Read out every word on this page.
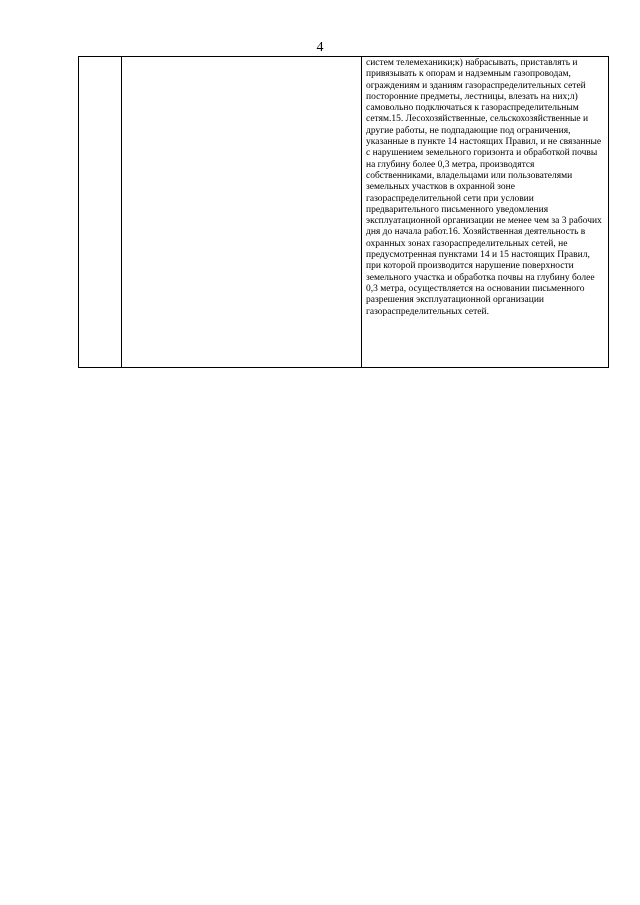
4
		систем телемеханики;к) набрасывать, приставлять и привязывать к опорам и надземным газопроводам, ограждениям и зданиям газораспределительных сетей посторонние предметы, лестницы, влезать на них;л) самовольно подключаться к газораспределительным сетям.15. Лесохозяйственные, сельскохозяйственные и другие работы, не подпадающие под ограничения, указанные в пункте 14 настоящих Правил, и не связанные с нарушением земельного горизонта и обработкой почвы на глубину более 0,3 метра, производятся собственниками, владельцами или пользователями земельных участков в охранной зоне газораспределительной сети при условии предварительного письменного уведомления эксплуатационной организации не менее чем за 3 рабочих дня до начала работ.16. Хозяйственная деятельность в охранных зонах газораспределительных сетей, не предусмотренная пунктами 14 и 15 настоящих Правил, при которой производится нарушение поверхности земельного участка и обработка почвы на глубину более 0,3 метра, осуществляется на основании письменного разрешения эксплуатационной организации газораспределительных сетей.
